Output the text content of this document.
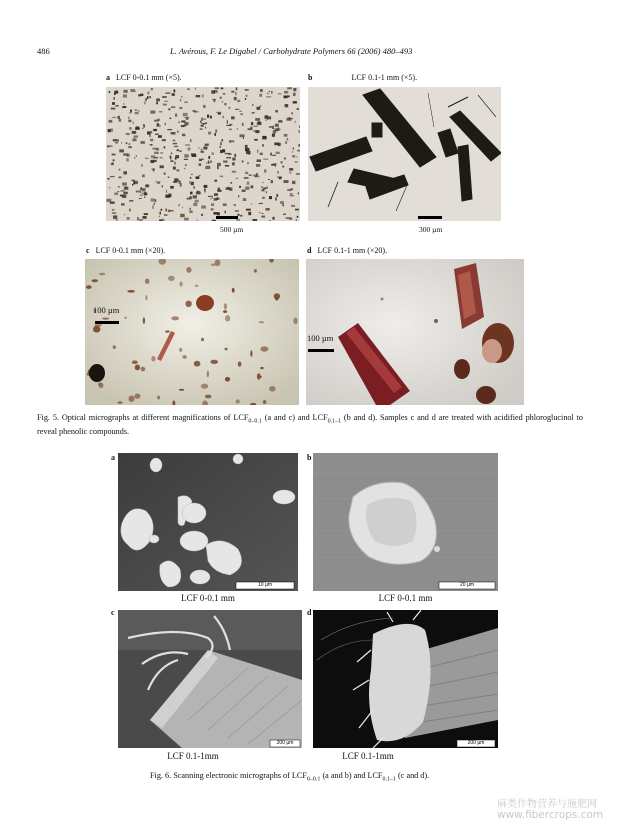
486	L. Avérous, F. Le Digabel / Carbohydrate Polymers 66 (2006) 480–493
a LCF 0-0.1 mm (×5).	b	LCF 0.1-1 mm (×5).
500 µm	300 µm
c LCF 0-0.1 mm (×20).	d LCF 0.1-1 mm (×20).
100 µm
100 µm
Fig. 5. Optical micrographs at different magnifications of $LCF_{0-0.1}$ (a and c) and $LCF_{0.1-1}$ (b and d). Samples c and d are treated with acidified phloroglucinol to reveal phenolic compounds.
a	b
10 µm
LCF 0-0.1 mm
20 µm
LCF 0-0.1 mm
c	d
200 µm
LCF 0.1-1mm
200 µm
LCF 0.1-1mm
Fig. 6. Scanning electronic micrographs of $LCF_{0-0.1}$ (a and b) and $LCF_{0.1-1}$ (c and d).
麻类作物营养与施肥网
www.fibercrops.com
